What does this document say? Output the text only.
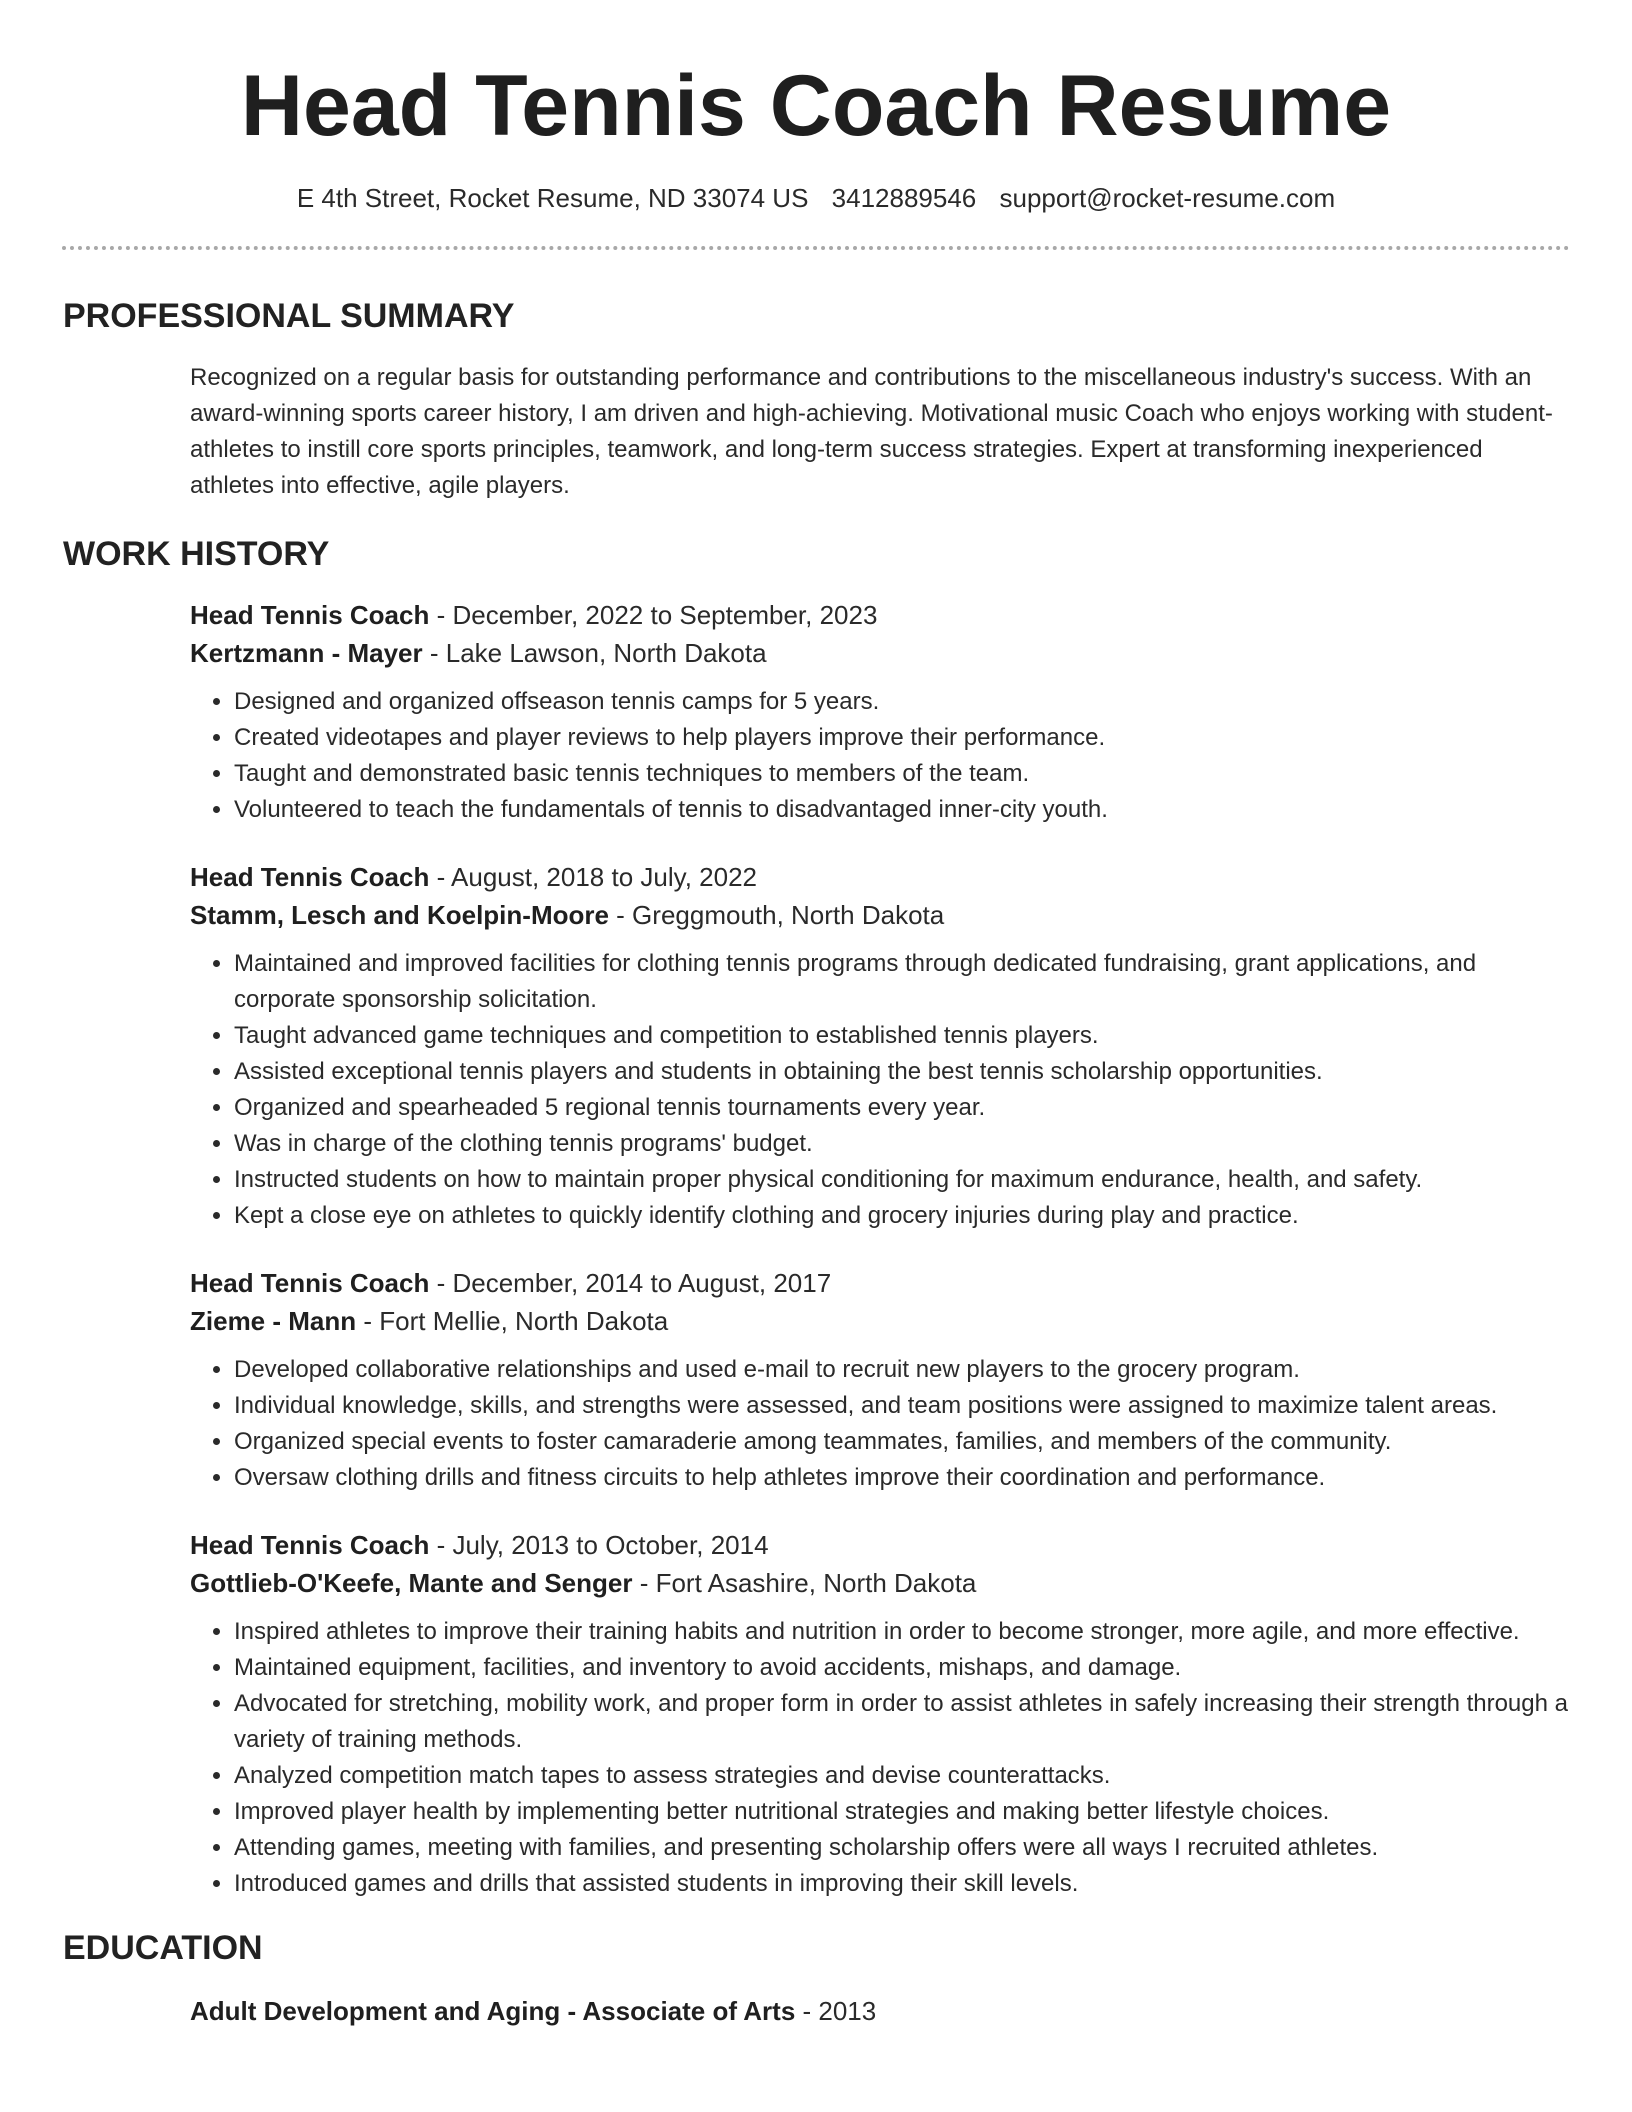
Head Tennis Coach Resume
E 4th Street, Rocket Resume, ND 33074 US 3412889546 support@rocket-resume.com
PROFESSIONAL SUMMARY

Recognized on a regular basis for outstanding performance and contributions to the miscellaneous industry's success. With an award-winning sports career history, I am driven and high-achieving. Motivational music Coach who enjoys working with student-athletes to instill core sports principles, teamwork, and long-term success strategies. Expert at transforming inexperienced athletes into effective, agile players.

WORK HISTORY
Head Tennis Coach - December, 2022 to September, 2023
Kertzmann - Mayer - Lake Lawson, North Dakota
• Designed and organized offseason tennis camps for 5 years.
• Created videotapes and player reviews to help players improve their performance.
• Taught and demonstrated basic tennis techniques to members of the team.
• Volunteered to teach the fundamentals of tennis to disadvantaged inner-city youth.
Head Tennis Coach - August, 2018 to July, 2022
Stamm, Lesch and Koelpin-Moore - Greggmouth, North Dakota
• Maintained and improved facilities for clothing tennis programs through dedicated fundraising, grant applications, and corporate sponsorship solicitation.
• Taught advanced game techniques and competition to established tennis players.
• Assisted exceptional tennis players and students in obtaining the best tennis scholarship opportunities.
• Organized and spearheaded 5 regional tennis tournaments every year.
• Was in charge of the clothing tennis programs' budget.
• Instructed students on how to maintain proper physical conditioning for maximum endurance, health, and safety.
• Kept a close eye on athletes to quickly identify clothing and grocery injuries during play and practice.
Head Tennis Coach - December, 2014 to August, 2017
Zieme - Mann - Fort Mellie, North Dakota
• Developed collaborative relationships and used e-mail to recruit new players to the grocery program.
• Individual knowledge, skills, and strengths were assessed, and team positions were assigned to maximize talent areas.
• Organized special events to foster camaraderie among teammates, families, and members of the community.
• Oversaw clothing drills and fitness circuits to help athletes improve their coordination and performance.
Head Tennis Coach - July, 2013 to October, 2014
Gottlieb-O'Keefe, Mante and Senger - Fort Asashire, North Dakota
• Inspired athletes to improve their training habits and nutrition in order to become stronger, more agile, and more effective.
• Maintained equipment, facilities, and inventory to avoid accidents, mishaps, and damage.
• Advocated for stretching, mobility work, and proper form in order to assist athletes in safely increasing their strength through a variety of training methods.
• Analyzed competition match tapes to assess strategies and devise counterattacks.
• Improved player health by implementing better nutritional strategies and making better lifestyle choices.
• Attending games, meeting with families, and presenting scholarship offers were all ways I recruited athletes.
• Introduced games and drills that assisted students in improving their skill levels.
EDUCATION
Adult Development and Aging - Associate of Arts - 2013
